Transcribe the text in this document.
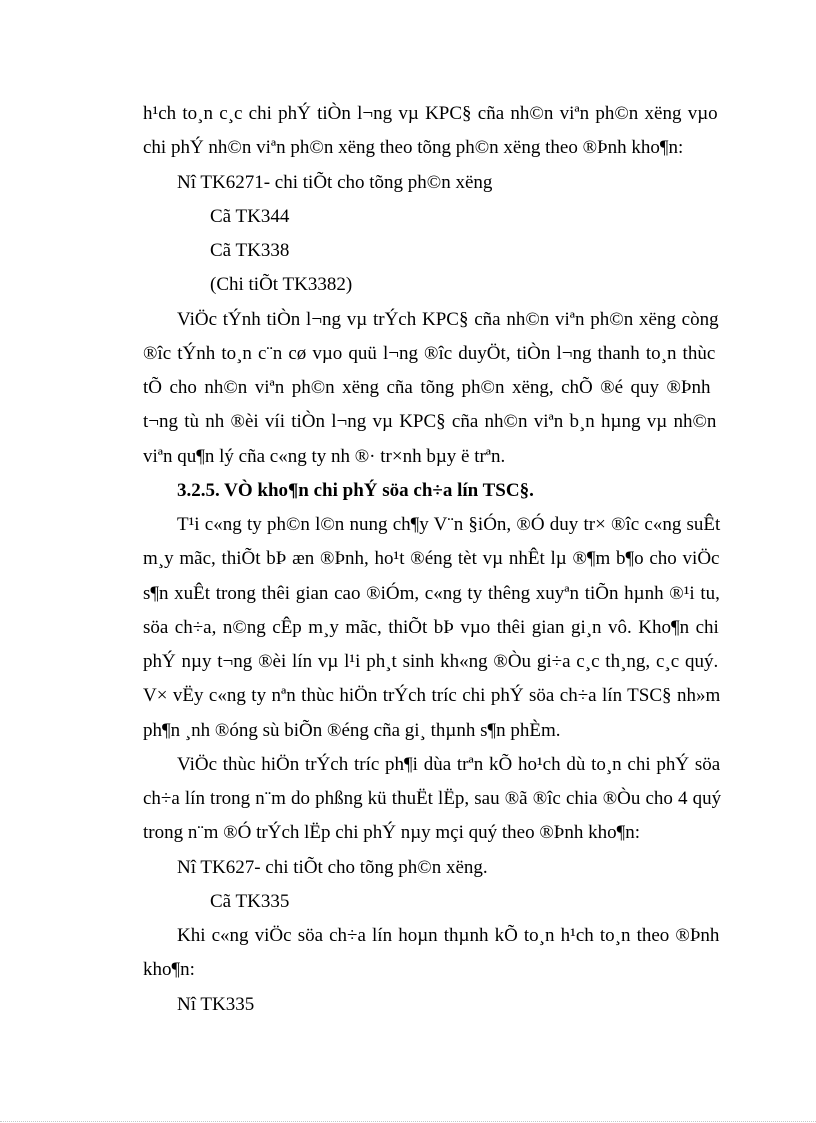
h¹ch to¸n c¸c chi phÝ tiÒn l¬ng vµ KPC§ cña nh©n viªn ph©n xëng vµo
chi phÝ nh©n viªn ph©n xëng theo tõng ph©n xëng theo ®Þnh kho¶n:
Nî TK6271- chi tiÕt cho tõng ph©n xëng
Cã TK344
Cã TK338
(Chi tiÕt TK3382)
ViÖc tÝnh tiÒn l¬ng vµ trÝch KPC§ cña nh©n viªn ph©n xëng còng
®îc tÝnh to¸n c¨n cø vµo quü l¬ng ®îc duyÖt, tiÒn l¬ng thanh to¸n thùc
tÕ cho nh©n viªn ph©n xëng cña tõng ph©n xëng, chÕ ®é quy ®Þnh
t¬ng tù nh ®èi víi tiÒn l¬ng vµ KPC§ cña nh©n viªn b¸n hµng vµ nh©n
viªn qu¶n lý cña c«ng ty nh ®· tr×nh bµy ë trªn.
3.2.5. VÒ kho¶n chi phÝ söa ch÷a lín TSC§.
T¹i c«ng ty ph©n l©n nung ch¶y V¨n §iÓn, ®Ó duy tr× ®îc c«ng suÊt
m¸y mãc, thiÕt bÞ æn ®Þnh, ho¹t ®éng tèt vµ nhÊt lµ ®¶m b¶o cho viÖc
s¶n xuÊt trong thêi gian cao ®iÓm, c«ng ty thêng xuyªn tiÕn hµnh ®¹i tu,
söa ch÷a, n©ng cÊp m¸y mãc, thiÕt bÞ vµo thêi gian gi¸n vô. Kho¶n chi
phÝ nµy t¬ng ®èi lín vµ l¹i ph¸t sinh kh«ng ®Òu gi÷a c¸c th¸ng, c¸c quý.
V× vËy c«ng ty nªn thùc hiÖn trÝch tríc chi phÝ söa ch÷a lín TSC§ nh»m
ph¶n ¸nh ®óng sù biÕn ®éng cña gi¸ thµnh s¶n phÈm.
ViÖc thùc hiÖn trÝch tríc ph¶i dùa trªn kÕ ho¹ch dù to¸n chi phÝ söa
ch÷a lín trong n¨m do phßng kü thuËt lËp, sau ®ã ®îc chia ®Òu cho 4 quý
trong n¨m ®Ó trÝch lËp chi phÝ nµy mçi quý theo ®Þnh kho¶n:
Nî TK627- chi tiÕt cho tõng ph©n xëng.
Cã TK335
Khi c«ng viÖc söa ch÷a lín hoµn thµnh kÕ to¸n h¹ch to¸n theo ®Þnh
kho¶n:
Nî TK335
